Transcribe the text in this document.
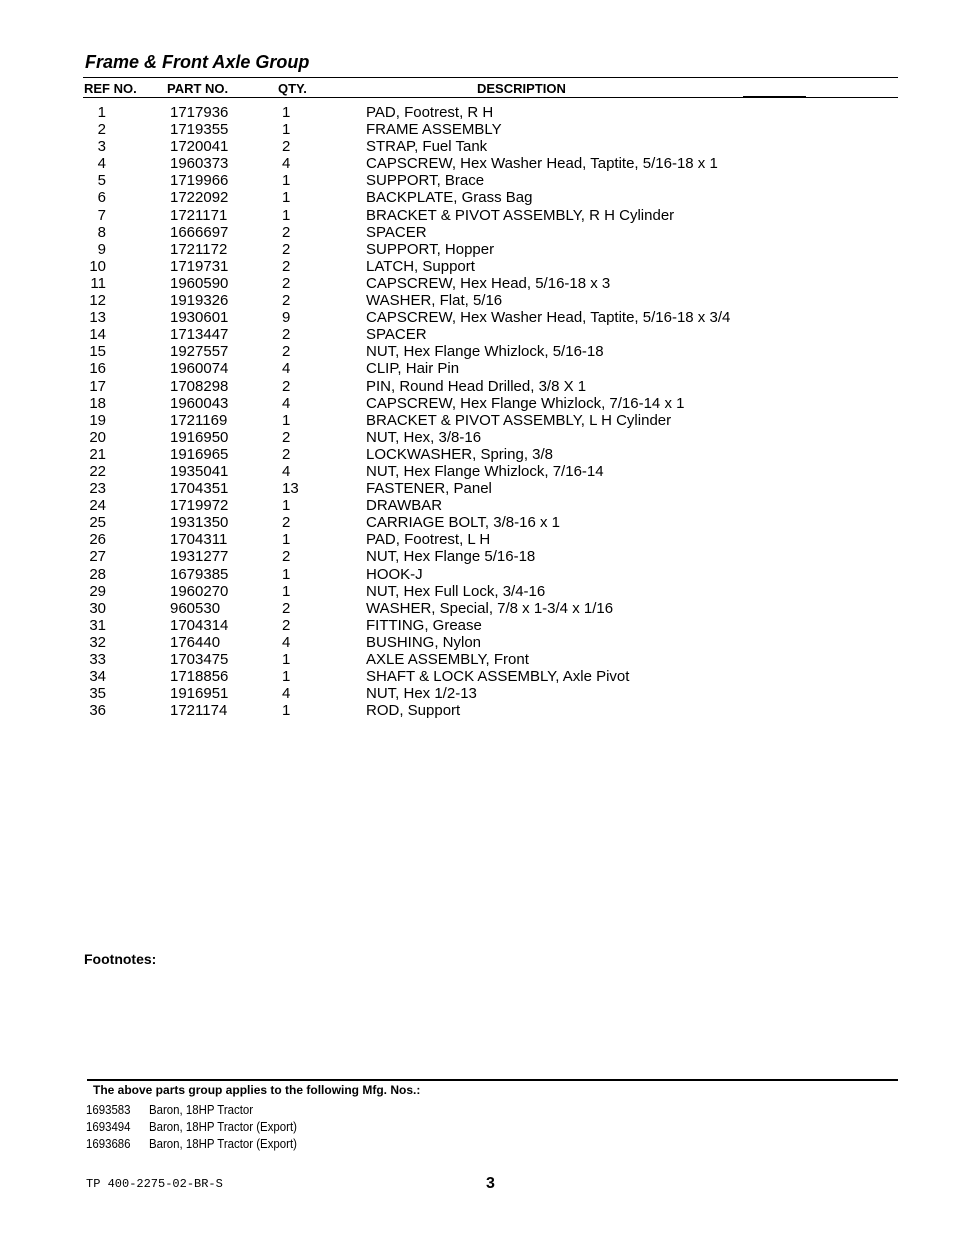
Frame & Front Axle Group
REF NO. PART NO.	QTY.	DESCRIPTION
1	1717936	1	PAD, Footrest, R H
2	1719355	1	FRAME ASSEMBLY
3	1720041	2	STRAP, Fuel Tank
4	1960373	4	CAPSCREW, Hex Washer Head, Taptite, 5/16-18 x 1
5	1719966	1	SUPPORT, Brace
6	1722092	1	BACKPLATE, Grass Bag
7	1721171	1	BRACKET & PIVOT ASSEMBLY, R H Cylinder
8	1666697	2	SPACER
9	1721172	2	SUPPORT, Hopper
10	1719731	2	LATCH, Support
11	1960590	2	CAPSCREW, Hex Head, 5/16-18 x 3
12	1919326	2	WASHER, Flat, 5/16
13	1930601	9	CAPSCREW, Hex Washer Head, Taptite, 5/16-18 x 3/4
14	1713447	2	SPACER
15	1927557	2	NUT, Hex Flange Whizlock, 5/16-18
16	1960074	4	CLIP, Hair Pin
17	1708298	2	PIN, Round Head Drilled, 3/8 X 1
18	1960043	4	CAPSCREW, Hex Flange Whizlock, 7/16-14 x 1
19	1721169	1	BRACKET & PIVOT ASSEMBLY, L H Cylinder
20	1916950	2	NUT, Hex, 3/8-16
21	1916965	2	LOCKWASHER, Spring, 3/8
22	1935041	4	NUT, Hex Flange Whizlock, 7/16-14
23	1704351	13	FASTENER, Panel
24	1719972	1	DRAWBAR
25	1931350	2	CARRIAGE BOLT, 3/8-16 x 1
26	1704311	1	PAD, Footrest, L H
27	1931277	2	NUT, Hex Flange 5/16-18
28	1679385	1	HOOK-J
29	1960270	1	NUT, Hex Full Lock, 3/4-16
30	960530	2	WASHER, Special, 7/8 x 1-3/4 x 1/16
31	1704314	2	FITTING, Grease
32	176440	4	BUSHING, Nylon
33	1703475	1	AXLE ASSEMBLY, Front
34	1718856	1	SHAFT & LOCK ASSEMBLY, Axle Pivot
35	1916951	4	NUT, Hex 1/2-13
36	1721174	1	ROD, Support
Footnotes:
The above parts group applies to the following Mfg. Nos.:
1693583 Baron, 18HP Tractor
1693494 Baron, 18HP Tractor (Export)
1693686 Baron, 18HP Tractor (Export)
TP 400-2275-02-BR-S	3
